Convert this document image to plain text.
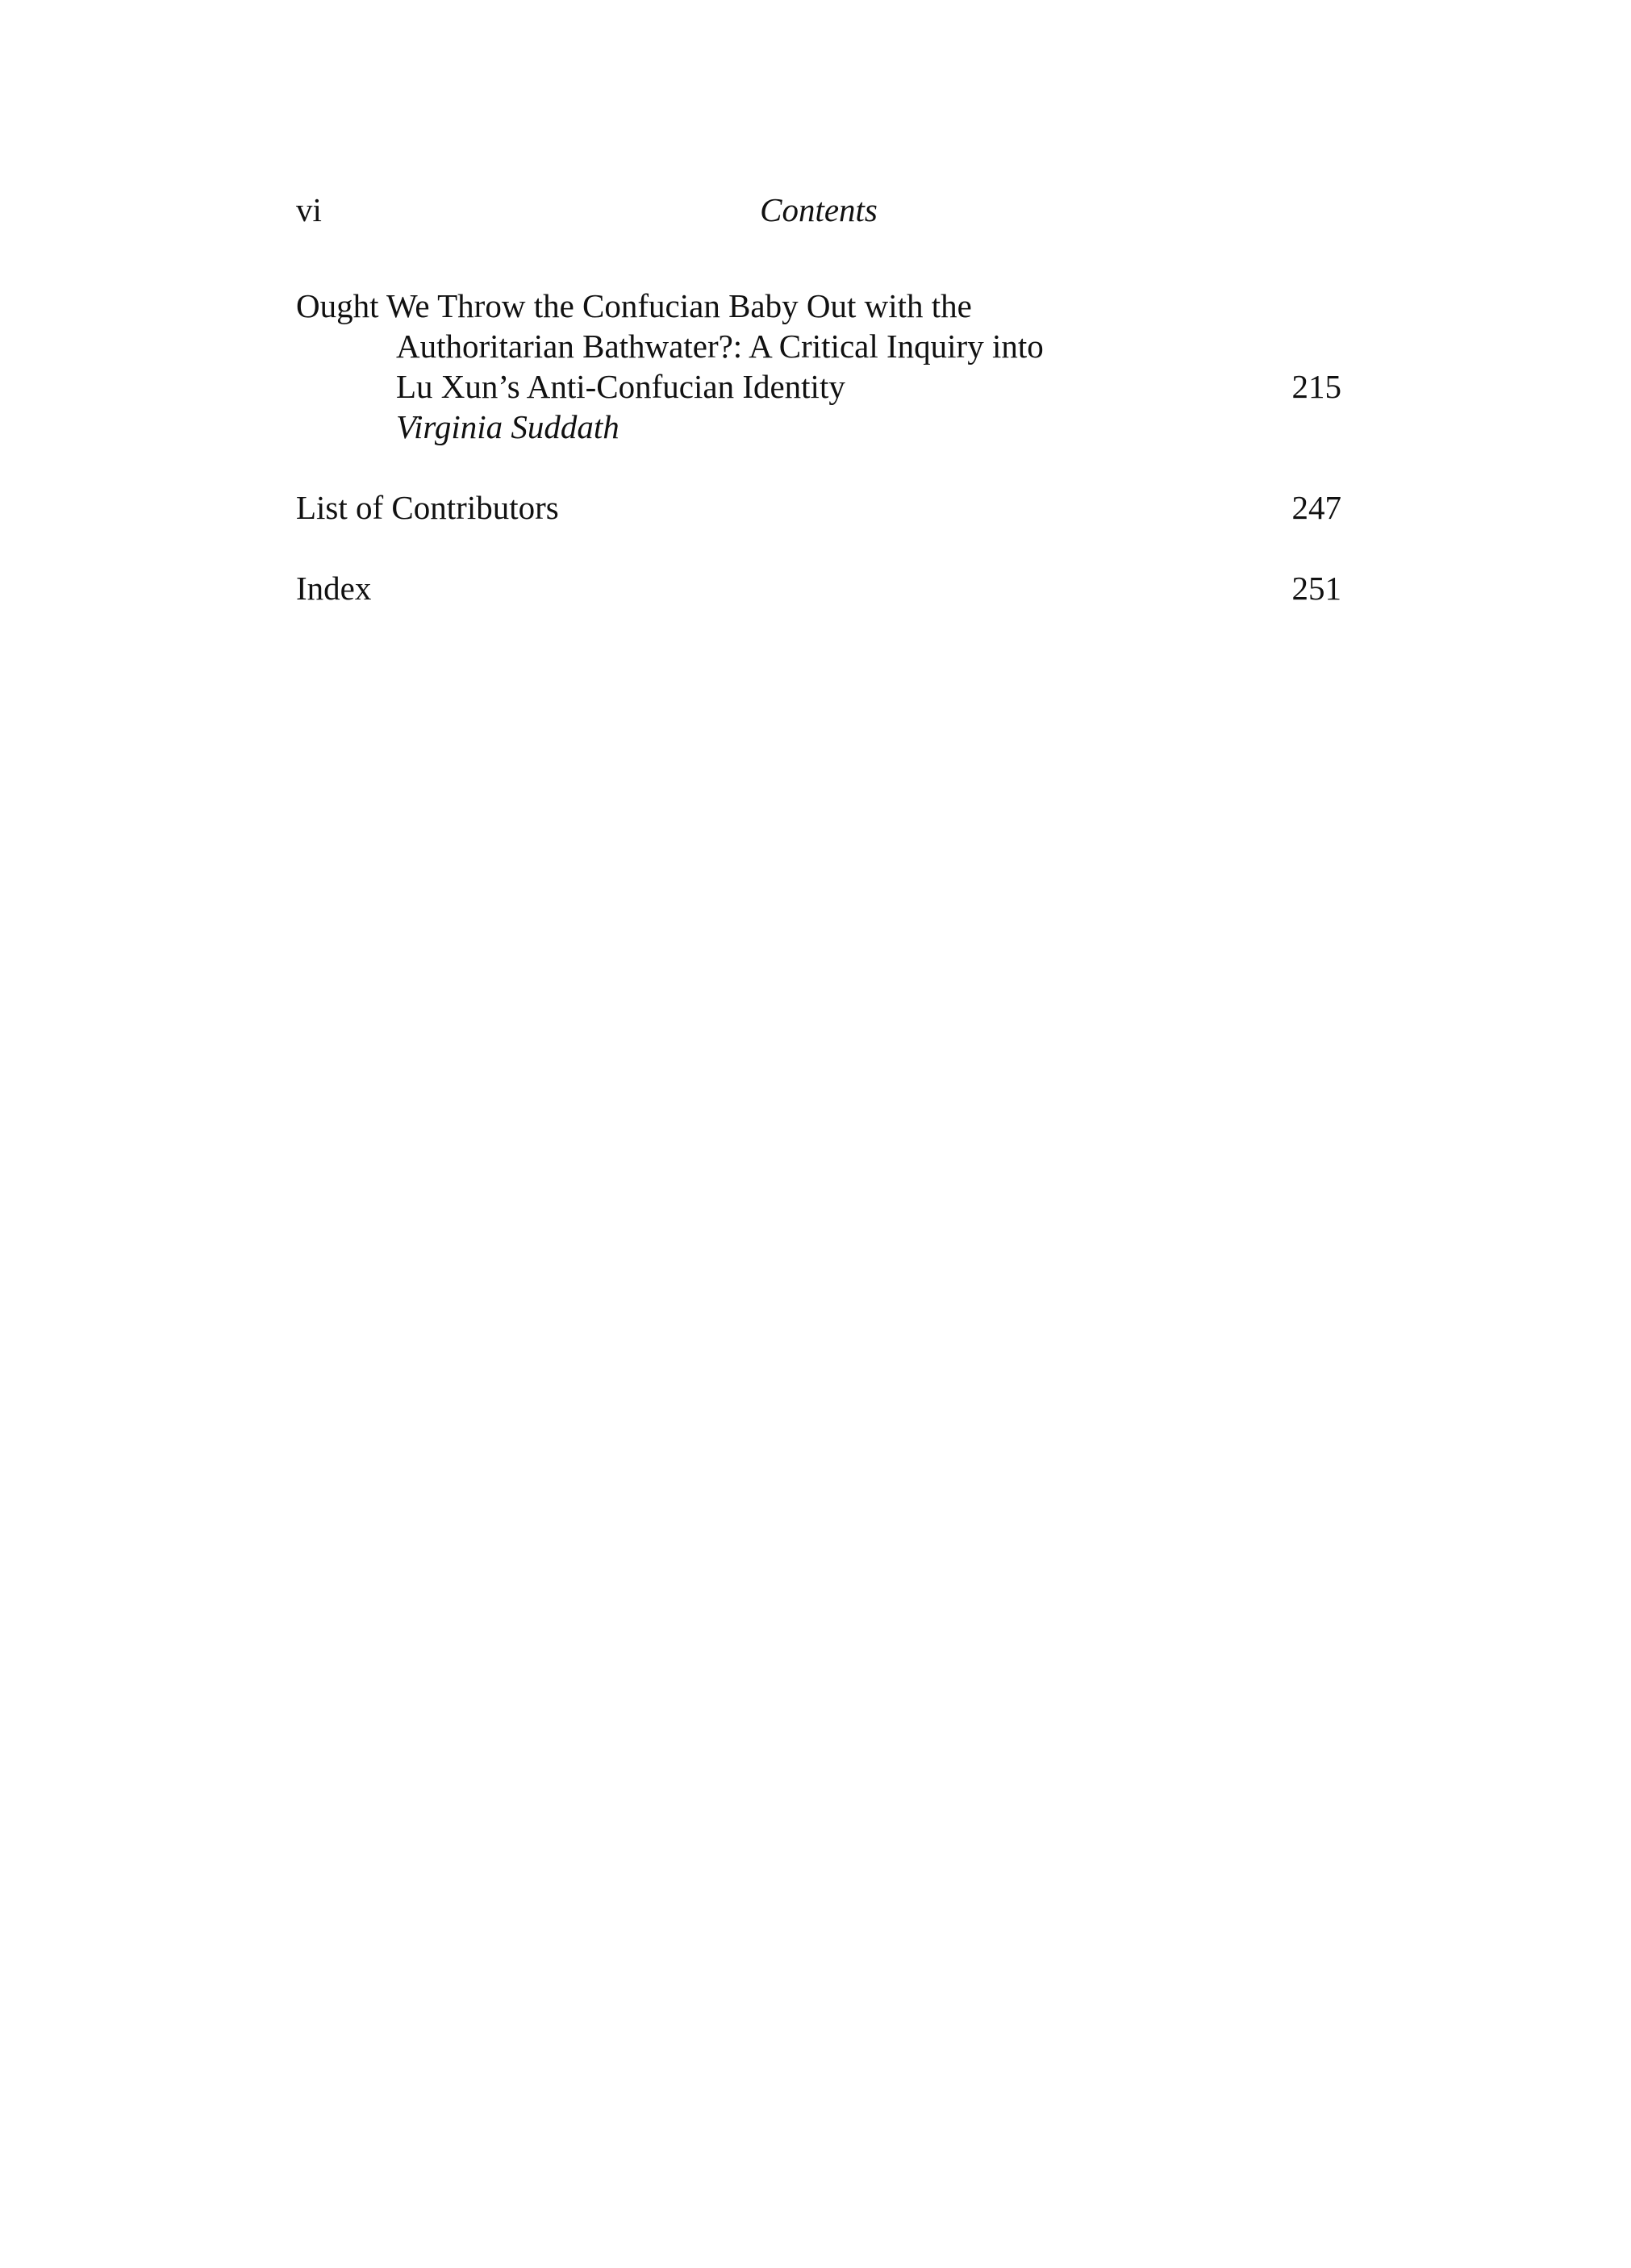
vi	Contents
Ought We Throw the Confucian Baby Out with the
Authoritarian Bathwater?: A Critical Inquiry into
Lu Xun’s Anti-Confucian Identity	215
Virginia Suddath
List of Contributors	247
Index	251
